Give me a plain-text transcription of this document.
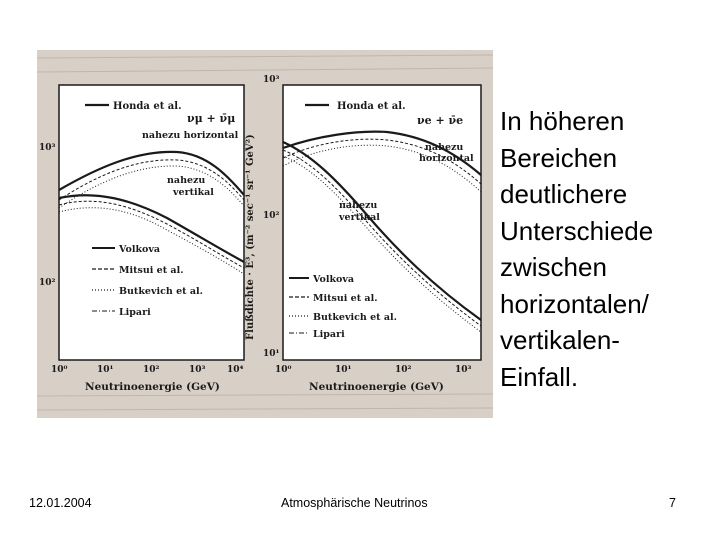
Honda et al.
νμ + ν̄μ
nahezu horizontal
nahezu
vertikal
Volkova
Mitsui et al.
Butkevich et al.
Lipari
10³
10²
10⁰	10¹	10²	10³ 10⁴
Neutrinoenergie (GeV)
Flußdichte · E³, (m⁻² sec⁻¹ sr⁻¹ GeV²)
Honda et al.
νe + ν̄e
nahezu
horizontal
nahezu
vertikal
Volkova
Mitsui et al.
Butkevich et al.
Lipari
10³
10²
10¹
10⁰	10¹	10²	10³
Neutrinoenergie (GeV)
In höheren
Bereichen
deutlichere
Unterschiede
zwischen
horizontalen/
vertikalen-
Einfall.
12.01.2004	Atmosphärische Neutrinos	7
